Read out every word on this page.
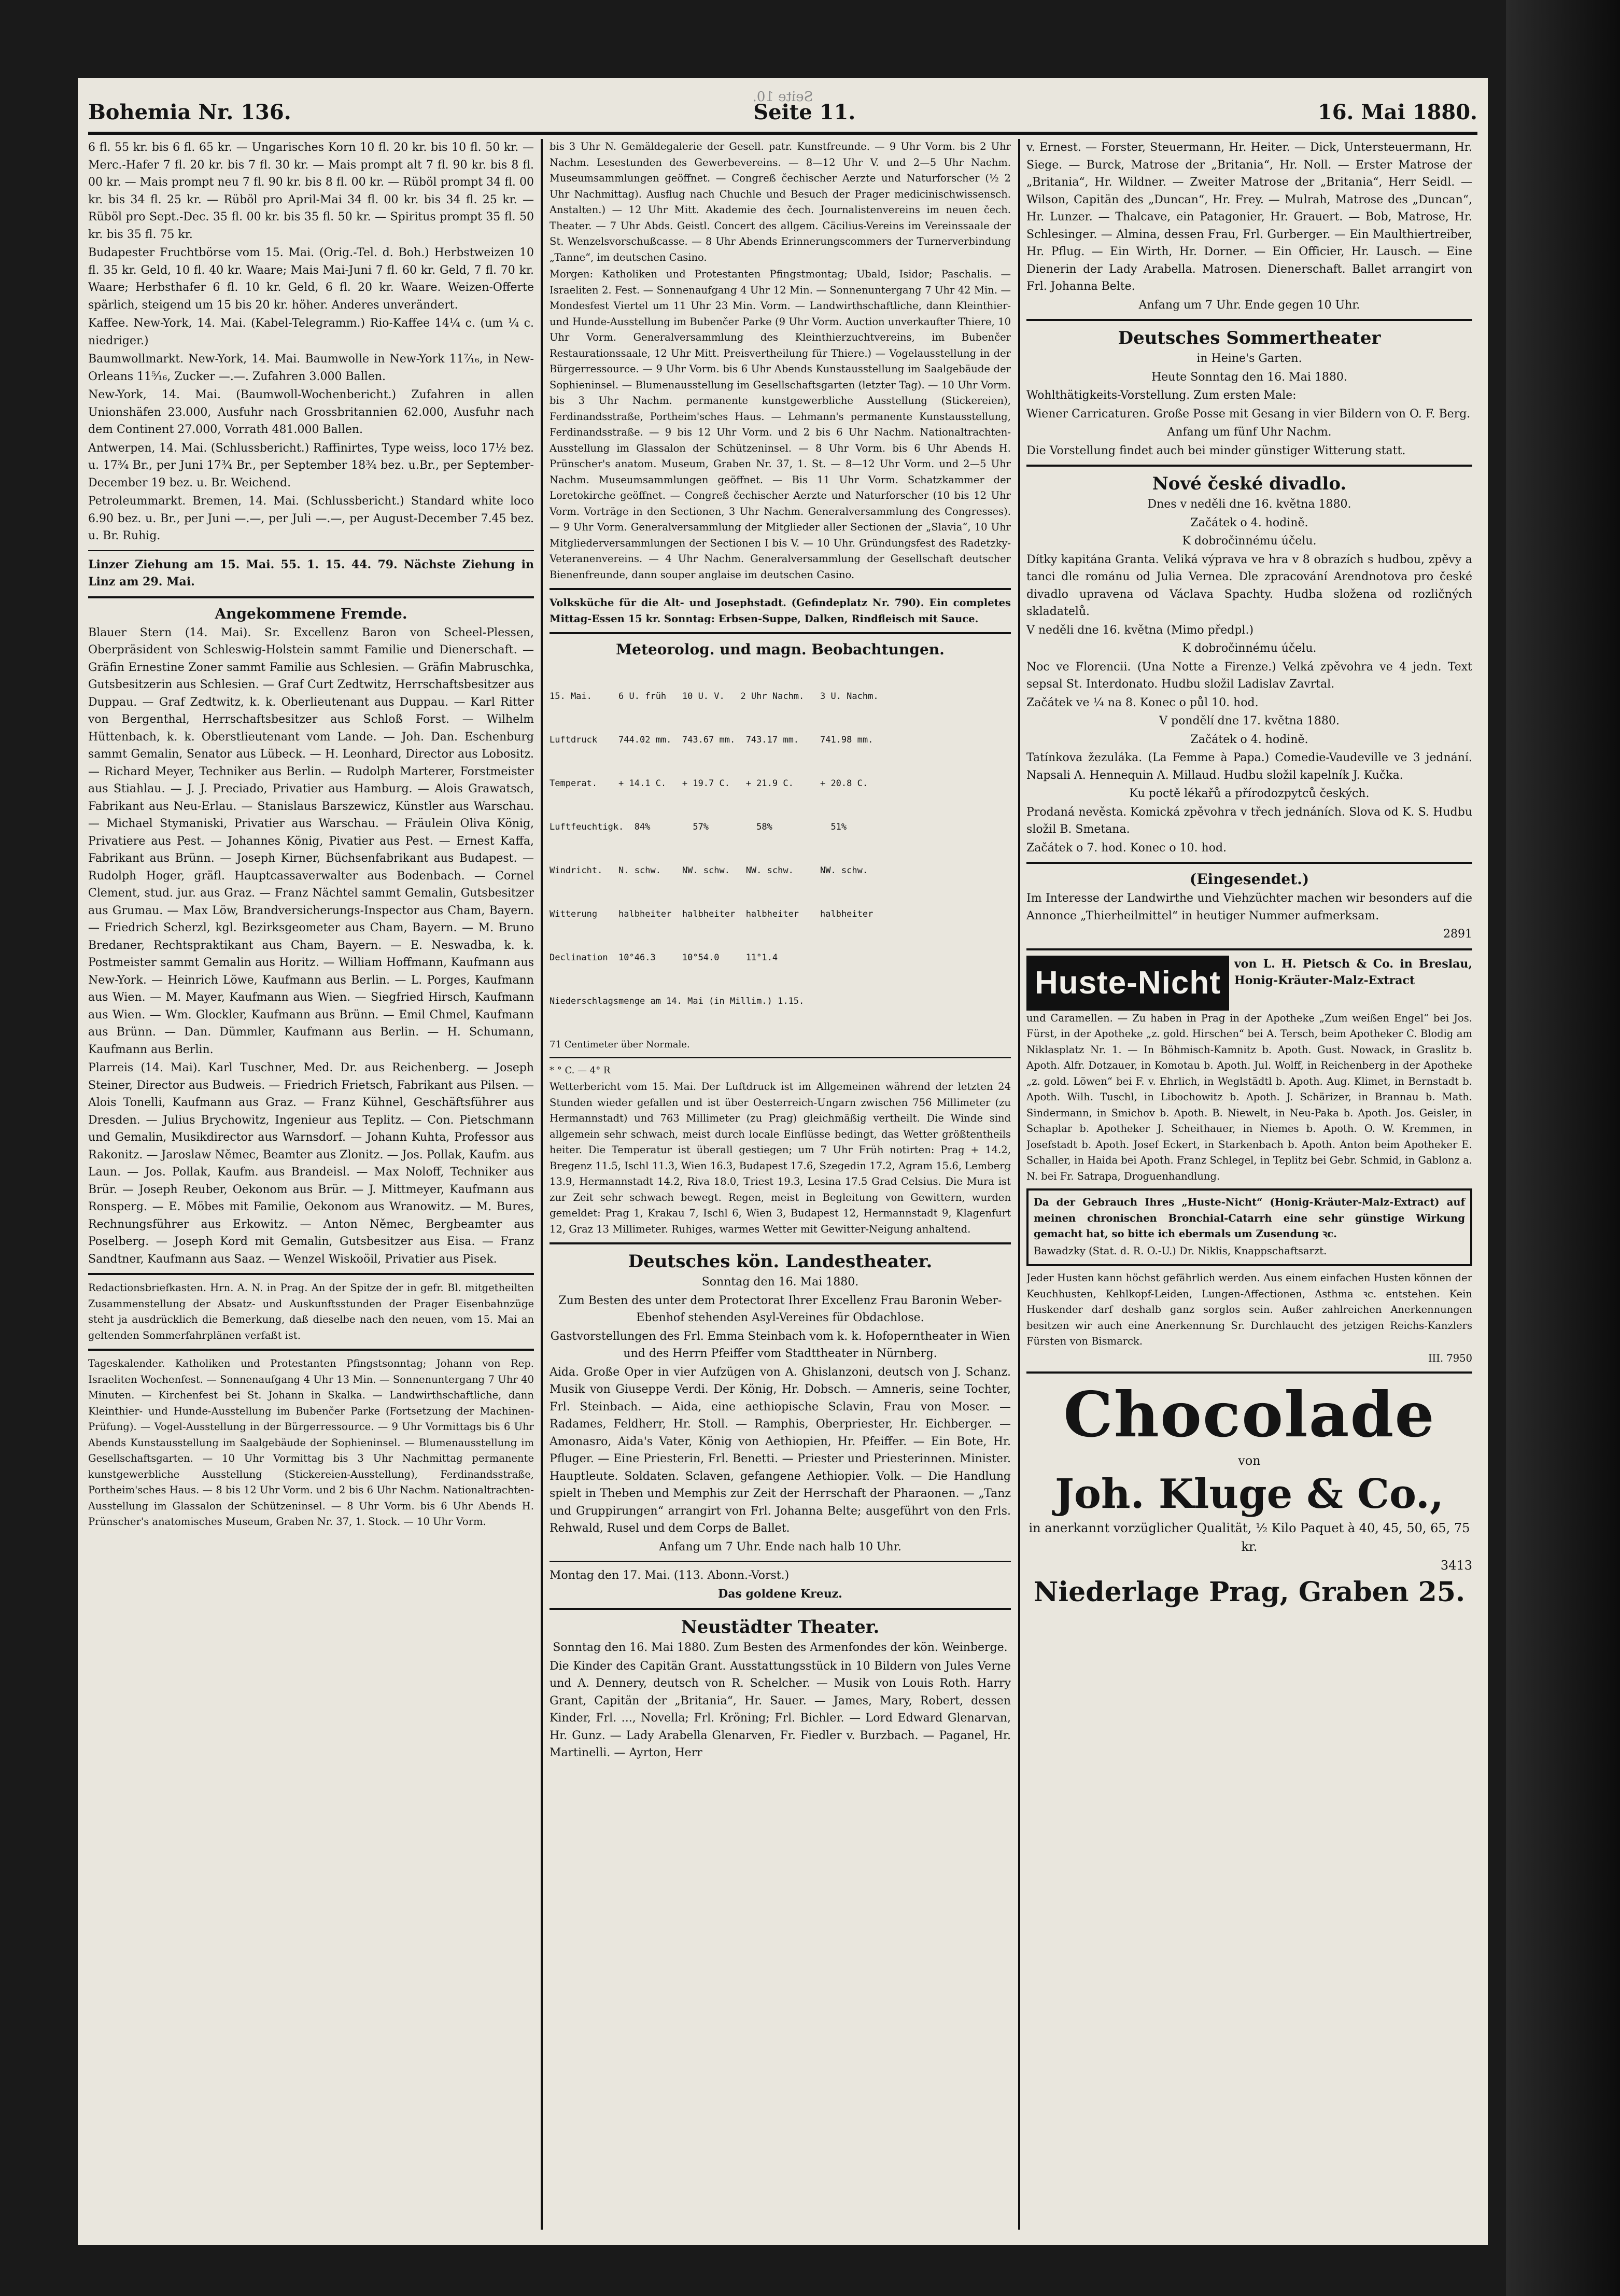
Bohemia Nr. 136.
Seite 10.
Seite 11.	16. Mai 1880.

6 fl. 55 kr. bis 6 fl. 65 kr. — Ungarisches Korn 10 fl. 20 kr. bis 10 fl. 50 kr. — Merc.-Hafer 7 fl. 20 kr. bis 7 fl. 30 kr. — Mais prompt alt 7 fl. 90 kr. bis 8 fl. 00 kr. — Mais prompt neu 7 fl. 90 kr. bis 8 fl. 00 kr. — Rüböl prompt 34 fl. 00 kr. bis 34 fl. 25 kr. — Rüböl pro April-Mai 34 fl. 00 kr. bis 34 fl. 25 kr. — Rüböl pro Sept.-Dec. 35 fl. 00 kr. bis 35 fl. 50 kr. — Spiritus prompt 35 fl. 50 kr. bis 35 fl. 75 kr.

Budapester Fruchtbörse vom 15. Mai. (Orig.-Tel. d. Boh.) Herbstweizen 10 fl. 35 kr. Geld, 10 fl. 40 kr. Waare; Mais Mai-Juni 7 fl. 60 kr. Geld, 7 fl. 70 kr. Waare; Herbsthafer 6 fl. 10 kr. Geld, 6 fl. 20 kr. Waare. Weizen-Offerte spärlich, steigend um 15 bis 20 kr. höher. Anderes unverändert.

Kaffee. New-York, 14. Mai. (Kabel-Telegramm.) Rio-Kaffee 14¼ c. (um ¼ c. niedriger.)

Baumwollmarkt. New-York, 14. Mai. Baumwolle in New-York 11⁷⁄₁₆, in New-Orleans 11⁵⁄₁₆, Zucker —.—. Zufahren 3.000 Ballen.

New-York, 14. Mai. (Baumwoll-Wochenbericht.) Zufahren in allen Unionshäfen 23.000, Ausfuhr nach Grossbritannien 62.000, Ausfuhr nach dem Continent 27.000, Vorrath 481.000 Ballen.

Antwerpen, 14. Mai. (Schlussbericht.) Raffinirtes, Type weiss, loco 17½ bez. u. 17¾ Br., per Juni 17¾ Br., per September 18¾ bez. u.Br., per September-December 19 bez. u. Br. Weichend.

Petroleummarkt. Bremen, 14. Mai. (Schlussbericht.) Standard white loco 6.90 bez. u. Br., per Juni —.—, per Juli —.—, per August-December 7.45 bez. u. Br. Ruhig.

Linzer Ziehung am 15. Mai. 55. 1. 15. 44. 79. Nächste Ziehung in Linz am 29. Mai.

Angekommene Fremde.

Blauer Stern (14. Mai). Sr. Excellenz Baron von Scheel-Plessen, Oberpräsident von Schleswig-Holstein sammt Familie und Dienerschaft. — Gräfin Ernestine Zoner sammt Familie aus Schlesien. — Gräfin Mabruschka, Gutsbesitzerin aus Schlesien. — Graf Curt Zedtwitz, Herrschaftsbesitzer aus Duppau. — Graf Zedtwitz, k. k. Oberlieutenant aus Duppau. — Karl Ritter von Bergenthal, Herrschaftsbesitzer aus Schloß Forst. — Wilhelm Hüttenbach, k. k. Oberstlieutenant vom Lande. — Joh. Dan. Eschenburg sammt Gemalin, Senator aus Lübeck. — H. Leonhard, Director aus Lobositz. — Richard Meyer, Techniker aus Berlin. — Rudolph Marterer, Forstmeister aus Stiahlau. — J. J. Preciado, Privatier aus Hamburg. — Alois Grawatsch, Fabrikant aus Neu-Erlau. — Stanislaus Barszewicz, Künstler aus Warschau. — Michael Stymaniski, Privatier aus Warschau. — Fräulein Oliva König, Privatiere aus Pest. — Johannes König, Pivatier aus Pest. — Ernest Kaffa, Fabrikant aus Brünn. — Joseph Kirner, Büchsenfabrikant aus Budapest. — Rudolph Hoger, gräfl. Hauptcassaverwalter aus Bodenbach. — Cornel Clement, stud. jur. aus Graz. — Franz Nächtel sammt Gemalin, Gutsbesitzer aus Grumau. — Max Löw, Brandversicherungs-Inspector aus Cham, Bayern. — Friedrich Scherzl, kgl. Bezirksgeometer aus Cham, Bayern. — M. Bruno Bredaner, Rechtspraktikant aus Cham, Bayern. — E. Neswadba, k. k. Postmeister sammt Gemalin aus Horitz. — William Hoffmann, Kaufmann aus New-York. — Heinrich Löwe, Kaufmann aus Berlin. — L. Porges, Kaufmann aus Wien. — M. Mayer, Kaufmann aus Wien. — Siegfried Hirsch, Kaufmann aus Wien. — Wm. Glockler, Kaufmann aus Brünn. — Emil Chmel, Kaufmann aus Brünn. — Dan. Dümmler, Kaufmann aus Berlin. — H. Schumann, Kaufmann aus Berlin.

Plarreis (14. Mai). Karl Tuschner, Med. Dr. aus Reichenberg. — Joseph Steiner, Director aus Budweis. — Friedrich Frietsch, Fabrikant aus Pilsen. — Alois Tonelli, Kaufmann aus Graz. — Franz Kühnel, Geschäftsführer aus Dresden. — Julius Brychowitz, Ingenieur aus Teplitz. — Con. Pietschmann und Gemalin, Musikdirector aus Warnsdorf. — Johann Kuhta, Professor aus Rakonitz. — Jaroslaw Němec, Beamter aus Zlonitz. — Jos. Pollak, Kaufm. aus Laun. — Jos. Pollak, Kaufm. aus Brandeisl. — Max Noloff, Techniker aus Brür. — Joseph Reuber, Oekonom aus Brür. — J. Mittmeyer, Kaufmann aus Ronsperg. — E. Möbes mit Familie, Oekonom aus Wranowitz. — M. Bures, Rechnungsführer aus Erkowitz. — Anton Němec, Bergbeamter aus Poselberg. — Joseph Kord mit Gemalin, Gutsbesitzer aus Eisa. — Franz Sandtner, Kaufmann aus Saaz. — Wenzel Wiskoöil, Privatier aus Pisek.

Redactionsbriefkasten. Hrn. A. N. in Prag. An der Spitze der in gefr. Bl. mitgetheilten Zusammenstellung der Absatz- und Auskunftsstunden der Prager Eisenbahnzüge steht ja ausdrücklich die Bemerkung, daß dieselbe nach den neuen, vom 15. Mai an geltenden Sommerfahrplänen verfaßt ist.

Tageskalender. Katholiken und Protestanten Pfingstsonntag; Johann von Rep. Israeliten Wochenfest. — Sonnenaufgang 4 Uhr 13 Min. — Sonnenuntergang 7 Uhr 40 Minuten. — Kirchenfest bei St. Johann in Skalka. — Landwirthschaftliche, dann Kleinthier- und Hunde-Ausstellung im Bubenčer Parke (Fortsetzung der Machinen-Prüfung). — Vogel-Ausstellung in der Bürgerressource. — 9 Uhr Vormittags bis 6 Uhr Abends Kunstausstellung im Saalgebäude der Sophieninsel. — Blumenausstellung im Gesellschaftsgarten. — 10 Uhr Vormittag bis 3 Uhr Nachmittag permanente kunstgewerbliche Ausstellung (Stickereien-Ausstellung), Ferdinandsstraße, Portheim'sches Haus. — 8 bis 12 Uhr Vorm. und 2 bis 6 Uhr Nachm. Nationaltrachten-Ausstellung im Glassalon der Schützeninsel. — 8 Uhr Vorm. bis 6 Uhr Abends H. Prünscher's anatomisches Museum, Graben Nr. 37, 1. Stock. — 10 Uhr Vorm.

bis 3 Uhr N. Gemäldegalerie der Gesell. patr. Kunstfreunde. — 9 Uhr Vorm. bis 2 Uhr Nachm. Lesestunden des Gewerbevereins. — 8—12 Uhr V. und 2—5 Uhr Nachm. Museumsammlungen geöffnet. — Congreß čechischer Aerzte und Naturforscher (½ 2 Uhr Nachmittag). Ausflug nach Chuchle und Besuch der Prager medicinischwissensch. Anstalten.) — 12 Uhr Mitt. Akademie des čech. Journalistenvereins im neuen čech. Theater. — 7 Uhr Abds. Geistl. Concert des allgem. Cäcilius-Vereins im Vereinssaale der St. Wenzelsvorschußcasse. — 8 Uhr Abends Erinnerungscommers der Turnerverbindung „Tanne“, im deutschen Casino.

Morgen: Katholiken und Protestanten Pfingstmontag; Ubald, Isidor; Paschalis. — Israeliten 2. Fest. — Sonnenaufgang 4 Uhr 12 Min. — Sonnenuntergang 7 Uhr 42 Min. — Mondesfest Viertel um 11 Uhr 23 Min. Vorm. — Landwirthschaftliche, dann Kleinthier- und Hunde-Ausstellung im Bubenčer Parke (9 Uhr Vorm. Auction unverkaufter Thiere, 10 Uhr Vorm. Generalversammlung des Kleinthierzuchtvereins, im Bubenčer Restaurationssaale, 12 Uhr Mitt. Preisvertheilung für Thiere.) — Vogelausstellung in der Bürgerressource. — 9 Uhr Vorm. bis 6 Uhr Abends Kunstausstellung im Saalgebäude der Sophieninsel. — Blumenausstellung im Gesellschaftsgarten (letzter Tag). — 10 Uhr Vorm. bis 3 Uhr Nachm. permanente kunstgewerbliche Ausstellung (Stickereien), Ferdinandsstraße, Portheim'sches Haus. — Lehmann's permanente Kunstausstellung, Ferdinandsstraße. — 9 bis 12 Uhr Vorm. und 2 bis 6 Uhr Nachm. Nationaltrachten-Ausstellung im Glassalon der Schützeninsel. — 8 Uhr Vorm. bis 6 Uhr Abends H. Prünscher's anatom. Museum, Graben Nr. 37, 1. St. — 8—12 Uhr Vorm. und 2—5 Uhr Nachm. Museumsammlungen geöffnet. — Bis 11 Uhr Vorm. Schatzkammer der Loretokirche geöffnet. — Congreß čechischer Aerzte und Naturforscher (10 bis 12 Uhr Vorm. Vorträge in den Sectionen, 3 Uhr Nachm. Generalversammlung des Congresses). — 9 Uhr Vorm. Generalversammlung der Mitglieder aller Sectionen der „Slavia“, 10 Uhr Mitgliederversammlungen der Sectionen I bis V. — 10 Uhr. Gründungsfest des Radetzky-Veteranenvereins. — 4 Uhr Nachm. Generalversammlung der Gesellschaft deutscher Bienenfreunde, dann souper anglaise im deutschen Casino.

Volksküche für die Alt- und Josephstadt. (Gefindeplatz Nr. 790). Ein completes Mittag-Essen 15 kr. Sonntag: Erbsen-Suppe, Dalken, Rindfleisch mit Sauce.

Meteorolog. und magn. Beobachtungen.

15. Mai.     6 U. früh   10 U. V.   2 Uhr Nachm.   3 U. Nachm.

Luftdruck    744.02 mm.  743.67 mm.  743.17 mm.    741.98 mm.

Temperat.    + 14.1 C.   + 19.7 C.   + 21.9 C.     + 20.8 C.

Luftfeuchtigk.  84%        57%         58%           51%

Windricht.   N. schw.    NW. schw.   NW. schw.     NW. schw.

Witterung    halbheiter  halbheiter  halbheiter    halbheiter

Declination  10°46.3     10°54.0     11°1.4

Niederschlagsmenge am 14. Mai (in Millim.) 1.15.

71 Centimeter über Normale.

* ° C. — 4° R

Wetterbericht vom 15. Mai. Der Luftdruck ist im Allgemeinen während der letzten 24 Stunden wieder gefallen und ist über Oesterreich-Ungarn zwischen 756 Millimeter (zu Hermannstadt) und 763 Millimeter (zu Prag) gleichmäßig vertheilt. Die Winde sind allgemein sehr schwach, meist durch locale Einflüsse bedingt, das Wetter größtentheils heiter. Die Temperatur ist überall gestiegen; um 7 Uhr Früh notirten: Prag + 14.2, Bregenz 11.5, Ischl 11.3, Wien 16.3, Budapest 17.6, Szegedin 17.2, Agram 15.6, Lemberg 13.9, Hermannstadt 14.2, Riva 18.0, Triest 19.3, Lesina 17.5 Grad Celsius. Die Mura ist zur Zeit sehr schwach bewegt. Regen, meist in Begleitung von Gewittern, wurden gemeldet: Prag 1, Krakau 7, Ischl 6, Wien 3, Budapest 12, Hermannstadt 9, Klagenfurt 12, Graz 13 Millimeter. Ruhiges, warmes Wetter mit Gewitter-Neigung anhaltend.

Deutsches kön. Landestheater.

Sonntag den 16. Mai 1880.

Zum Besten des unter dem Protectorat Ihrer Excellenz Frau Baronin Weber-Ebenhof stehenden Asyl-Vereines für Obdachlose.

Gastvorstellungen des Frl. Emma Steinbach vom k. k. Hofoperntheater in Wien und des Herrn Pfeiffer vom Stadttheater in Nürnberg.

Aida. Große Oper in vier Aufzügen von A. Ghislanzoni, deutsch von J. Schanz. Musik von Giuseppe Verdi. Der König, Hr. Dobsch. — Amneris, seine Tochter, Frl. Steinbach. — Aida, eine aethiopische Sclavin, Frau von Moser. — Radames, Feldherr, Hr. Stoll. — Ramphis, Oberpriester, Hr. Eichberger. — Amonasro, Aida's Vater, König von Aethiopien, Hr. Pfeiffer. — Ein Bote, Hr. Pfluger. — Eine Priesterin, Frl. Benetti. — Priester und Priesterinnen. Minister. Hauptleute. Soldaten. Sclaven, gefangene Aethiopier. Volk. — Die Handlung spielt in Theben und Memphis zur Zeit der Herrschaft der Pharaonen. — „Tanz und Gruppirungen“ arrangirt von Frl. Johanna Belte; ausgeführt von den Frls. Rehwald, Rusel und dem Corps de Ballet.

Anfang um 7 Uhr. Ende nach halb 10 Uhr.

Montag den 17. Mai. (113. Abonn.-Vorst.)

Das goldene Kreuz.

Neustädter Theater.

Sonntag den 16. Mai 1880. Zum Besten des Armenfondes der kön. Weinberge.

Die Kinder des Capitän Grant. Ausstattungsstück in 10 Bildern von Jules Verne und A. Dennery, deutsch von R. Schelcher. — Musik von Louis Roth. Harry Grant, Capitän der „Britania“, Hr. Sauer. — James, Mary, Robert, dessen Kinder, Frl. ..., Novella; Frl. Kröning; Frl. Bichler. — Lord Edward Glenarvan, Hr. Gunz. — Lady Arabella Glenarven, Fr. Fiedler v. Burzbach. — Paganel, Hr. Martinelli. — Ayrton, Herr

v. Ernest. — Forster, Steuermann, Hr. Heiter. — Dick, Untersteuermann, Hr. Siege. — Burck, Matrose der „Britania“, Hr. Noll. — Erster Matrose der „Britania“, Hr. Wildner. — Zweiter Matrose der „Britania“, Herr Seidl. — Wilson, Capitän des „Duncan“, Hr. Frey. — Mulrah, Matrose des „Duncan“, Hr. Lunzer. — Thalcave, ein Patagonier, Hr. Grauert. — Bob, Matrose, Hr. Schlesinger. — Almina, dessen Frau, Frl. Gurberger. — Ein Maulthiertreiber, Hr. Pflug. — Ein Wirth, Hr. Dorner. — Ein Officier, Hr. Lausch. — Eine Dienerin der Lady Arabella. Matrosen. Dienerschaft. Ballet arrangirt von Frl. Johanna Belte.

Anfang um 7 Uhr. Ende gegen 10 Uhr.

Deutsches Sommertheater

in Heine's Garten.

Heute Sonntag den 16. Mai 1880.

Wohlthätigkeits-Vorstellung. Zum ersten Male:

Wiener Carricaturen. Große Posse mit Gesang in vier Bildern von O. F. Berg.

Anfang um fünf Uhr Nachm.

Die Vorstellung findet auch bei minder günstiger Witterung statt.

Nové české divadlo.

Dnes v neděli dne 16. května 1880.

Začátek o 4. hodině.

K dobročinnému účelu.

Dítky kapitána Granta. Veliká výprava ve hra v 8 obrazích s hudbou, zpěvy a tanci dle románu od Julia Vernea. Dle zpracování Arendnotova pro české divadlo upravena od Václava Spachty. Hudba složena od rozličných skladatelů.

V neděli dne 16. května (Mimo předpl.)

K dobročinnému účelu.

Noc ve Florencii. (Una Notte a Firenze.) Velká zpěvohra ve 4 jedn. Text sepsal St. Interdonato. Hudbu složil Ladislav Zavrtal.

Začátek ve ¼ na 8. Konec o půl 10. hod.

V pondělí dne 17. května 1880.

Začátek o 4. hodině.

Tatínkova žezuláka. (La Femme à Papa.) Comedie-Vaudeville ve 3 jednání. Napsali A. Hennequin A. Millaud. Hudbu složil kapelník J. Kučka.

Ku poctě lékařů a přírodozpytců českých.

Prodaná nevěsta. Komická zpěvohra v třech jednáních. Slova od K. S. Hudbu složil B. Smetana.

Začátek o 7. hod. Konec o 10. hod.

(Eingesendet.)

Im Interesse der Landwirthe und Viehzüchter machen wir besonders auf die Annonce „Thierheilmittel“ in heutiger Nummer aufmerksam.

2891

Huste-Nicht
von L. H. Pietsch & Co. in Breslau, Honig-Kräuter-Malz-Extract

und Caramellen. — Zu haben in Prag in der Apotheke „Zum weißen Engel“ bei Jos. Fürst, in der Apotheke „z. gold. Hirschen“ bei A. Tersch, beim Apotheker C. Blodig am Niklasplatz Nr. 1. — In Böhmisch-Kamnitz b. Apoth. Gust. Nowack, in Graslitz b. Apoth. Alfr. Dotzauer, in Komotau b. Apoth. Jul. Wolff, in Reichenberg in der Apotheke „z. gold. Löwen“ bei F. v. Ehrlich, in Weglstädtl b. Apoth. Aug. Klimet, in Bernstadt b. Apoth. Wilh. Tuschl, in Libochowitz b. Apoth. J. Schärizer, in Brannau b. Math. Sindermann, in Smichov b. Apoth. B. Niewelt, in Neu-Paka b. Apoth. Jos. Geisler, in Schaplar b. Apotheker J. Scheithauer, in Niemes b. Apoth. O. W. Kremmen, in Josefstadt b. Apoth. Josef Eckert, in Starkenbach b. Apoth. Anton beim Apotheker E. Schaller, in Haida bei Apoth. Franz Schlegel, in Teplitz bei Gebr. Schmid, in Gablonz a. N. bei Fr. Satrapa, Droguenhandlung.

Da der Gebrauch Ihres „Huste-Nicht“ (Honig-Kräuter-Malz-Extract) auf meinen chronischen Bronchial-Catarrh eine sehr günstige Wirkung gemacht hat, so bitte ich ebermals um Zusendung ꝛc.

Bawadzky (Stat. d. R. O.-U.) Dr. Niklis, Knappschaftsarzt.

Jeder Husten kann höchst gefährlich werden. Aus einem einfachen Husten können der Keuchhusten, Kehlkopf-Leiden, Lungen-Affectionen, Asthma ꝛc. entstehen. Kein Huskender darf deshalb ganz sorglos sein. Außer zahlreichen Anerkennungen besitzen wir auch eine Anerkennung Sr. Durchlaucht des jetzigen Reichs-Kanzlers Fürsten von Bismarck.

III. 7950

Chocolade
von
Joh. Kluge & Co.,
in anerkannt vorzüglicher Qualität, ½ Kilo Paquet à 40, 45, 50, 65, 75 kr.
3413
Niederlage Prag, Graben 25.
